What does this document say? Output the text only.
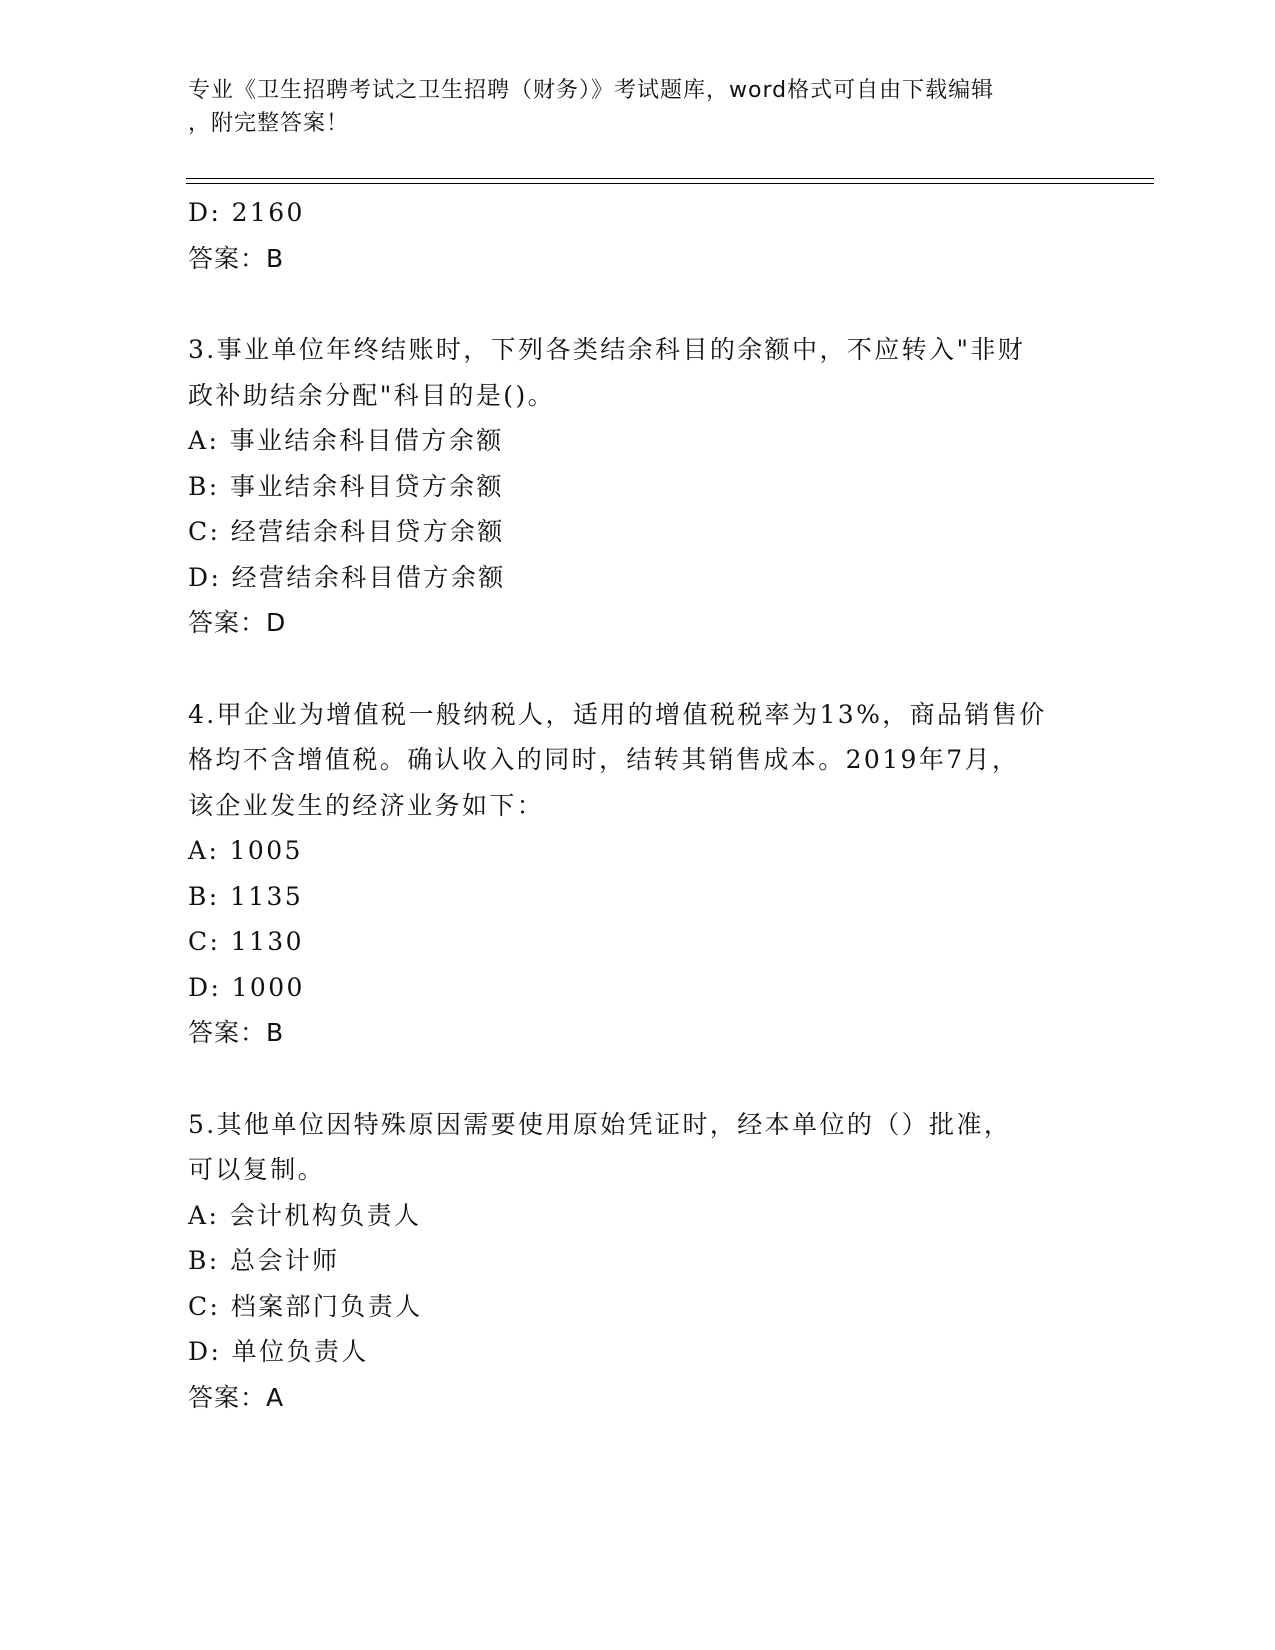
专业《卫生招聘考试之卫生招聘（财务）》考试题库，word格式可自由下载编辑
，附完整答案！
D: 2160
答案：B
3.事业单位年终结账时，下列各类结余科目的余额中，不应转入"非财
政补助结余分配"科目的是()。
A: 事业结余科目借方余额
B: 事业结余科目贷方余额
C: 经营结余科目贷方余额
D: 经营结余科目借方余额
答案：D
4.甲企业为增值税一般纳税人，适用的增值税税率为13%，商品销售价
格均不含增值税。确认收入的同时，结转其销售成本。2019年7月，
该企业发生的经济业务如下：
A: 1005
B: 1135
C: 1130
D: 1000
答案：B
5.其他单位因特殊原因需要使用原始凭证时，经本单位的（）批准，
可以复制。
A: 会计机构负责人
B: 总会计师
C: 档案部门负责人
D: 单位负责人
答案：A
